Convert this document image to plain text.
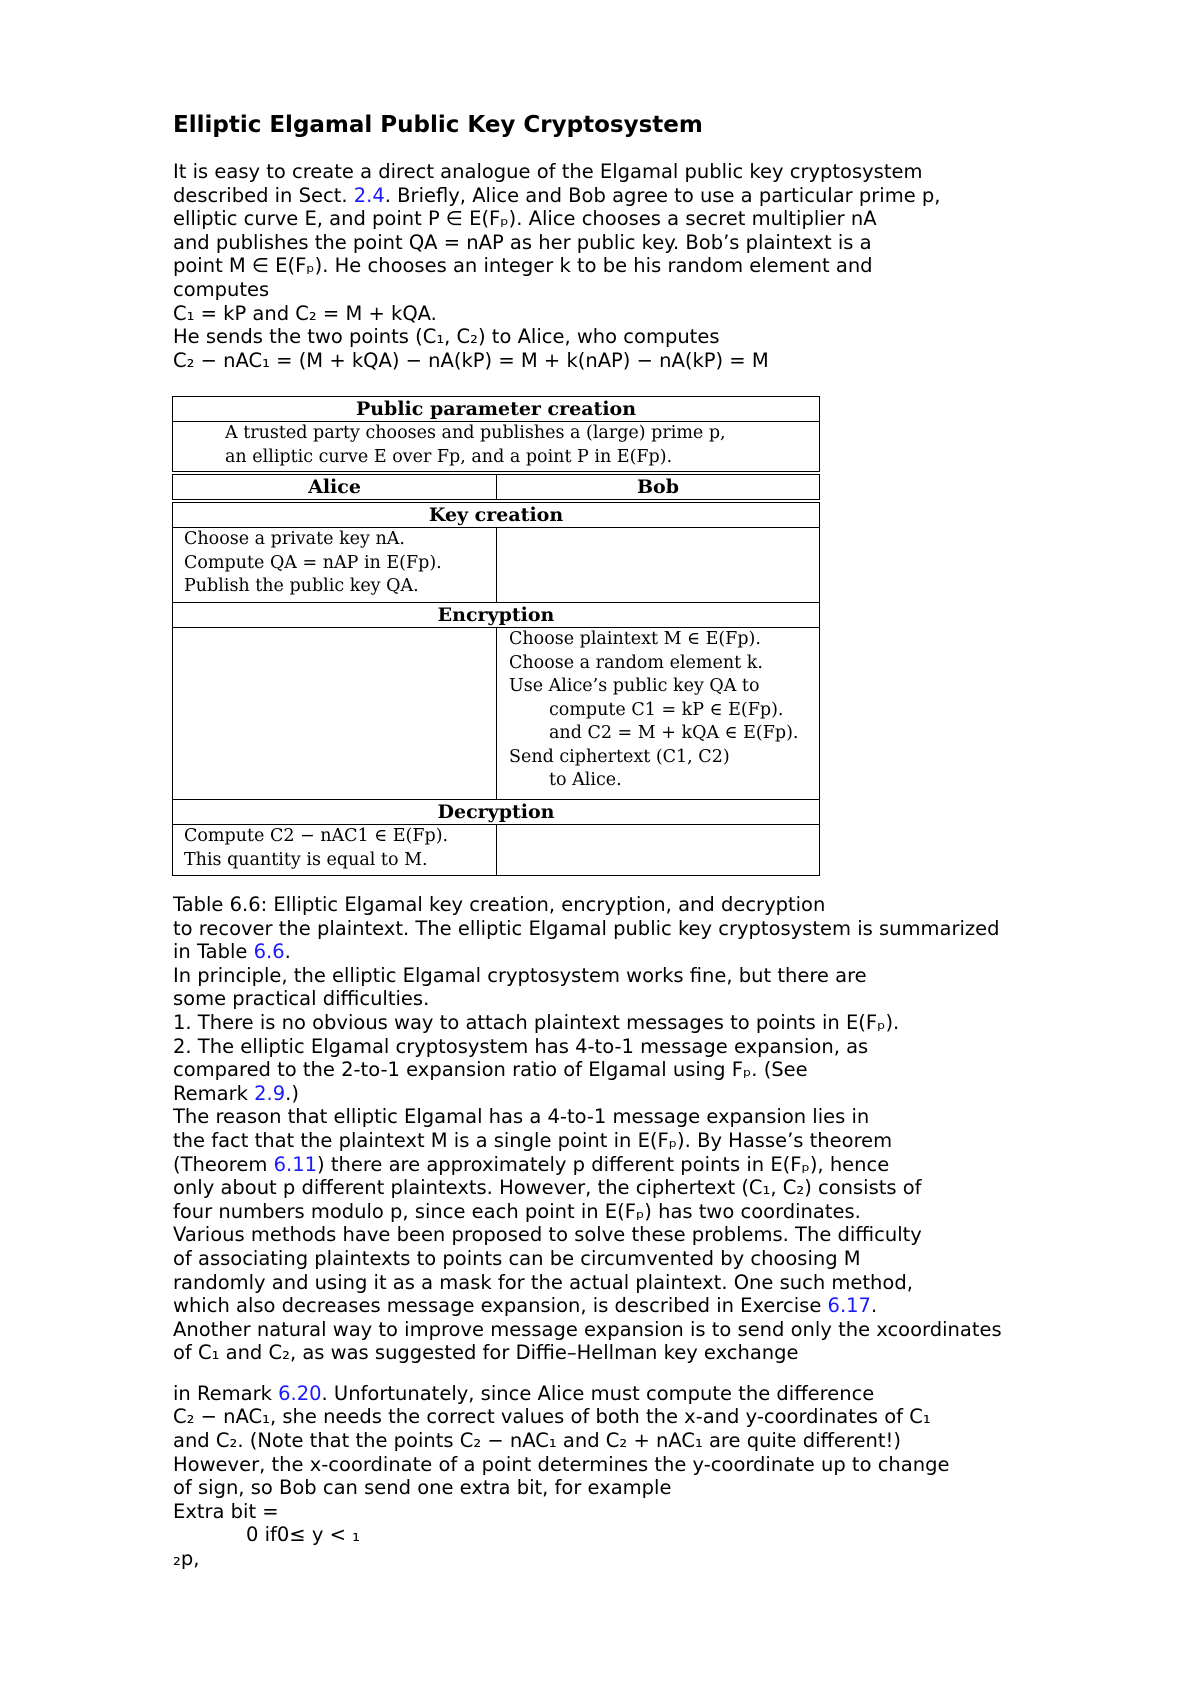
Elliptic Elgamal Public Key Cryptosystem

It is easy to create a direct analogue of the Elgamal public key cryptosystem

described in Sect. 2.4. Briefly, Alice and Bob agree to use a particular prime p,

elliptic curve E, and point P ∈ E(Fₚ). Alice chooses a secret multiplier nA

and publishes the point QA = nAP as her public key. Bob’s plaintext is a

point M ∈ E(Fₚ). He chooses an integer k to be his random element and

computes

C₁ = kP and C₂ = M + kQA.

He sends the two points (C₁, C₂) to Alice, who computes

C₂ − nAC₁ = (M + kQA) − nA(kP) = M + k(nAP) − nA(kP) = M

Public parameter creation
A trusted party chooses and publishes a (large) prime p,
an elliptic curve E over Fp, and a point P in E(Fp).
Alice	Bob
Key creation
Choose a private key nA.
Compute QA = nAP in E(Fp).
Publish the public key QA.
Encryption
Choose plaintext M ∈ E(Fp).
Choose a random element k.
Use Alice’s public key QA to
compute C1 = kP ∈ E(Fp).
and C2 = M + kQA ∈ E(Fp).
Send ciphertext (C1, C2)
to Alice.
Decryption
Compute C2 − nAC1 ∈ E(Fp).
This quantity is equal to M.

Table 6.6: Elliptic Elgamal key creation, encryption, and decryption

to recover the plaintext. The elliptic Elgamal public key cryptosystem is summarized

in Table 6.6.

In principle, the elliptic Elgamal cryptosystem works fine, but there are

some practical difficulties.

1. There is no obvious way to attach plaintext messages to points in E(Fₚ).

2. The elliptic Elgamal cryptosystem has 4-to-1 message expansion, as

compared to the 2-to-1 expansion ratio of Elgamal using Fₚ. (See

Remark 2.9.)

The reason that elliptic Elgamal has a 4-to-1 message expansion lies in

the fact that the plaintext M is a single point in E(Fₚ). By Hasse’s theorem

(Theorem 6.11) there are approximately p different points in E(Fₚ), hence

only about p different plaintexts. However, the ciphertext (C₁, C₂) consists of

four numbers modulo p, since each point in E(Fₚ) has two coordinates.

Various methods have been proposed to solve these problems. The difficulty

of associating plaintexts to points can be circumvented by choosing M

randomly and using it as a mask for the actual plaintext. One such method,

which also decreases message expansion, is described in Exercise 6.17.

Another natural way to improve message expansion is to send only the xcoordinates

of C₁ and C₂, as was suggested for Diffie–Hellman key exchange

in Remark 6.20. Unfortunately, since Alice must compute the difference

C₂ − nAC₁, she needs the correct values of both the x-and y-coordinates of C₁

and C₂. (Note that the points C₂ − nAC₁ and C₂ + nAC₁ are quite different!)

However, the x-coordinate of a point determines the y-coordinate up to change

of sign, so Bob can send one extra bit, for example

Extra bit =

0 if0≤ y < ₁

₂p,
